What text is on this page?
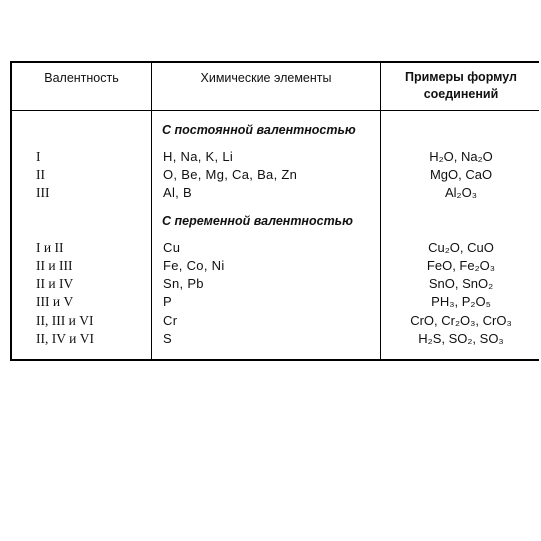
Валентность	Химические элементы	Примеры формул соединений
С постоянной валентностью
I	H, Na, K, Li	H₂O, Na₂O
II	O, Be, Mg, Ca, Ba, Zn	MgO, CaO
III	Al, B	Al₂O₃
С переменной валентностью
I и II	Cu	Cu₂O, CuO
II и III	Fe, Co, Ni	FeO, Fe₂O₃
II и IV	Sn, Pb	SnO, SnO₂
III и V	P	PH₃, P₂O₅
II, III и VI	Cr	CrO, Cr₂O₃, CrO₃
II, IV и VI	S	H₂S, SO₂, SO₃
